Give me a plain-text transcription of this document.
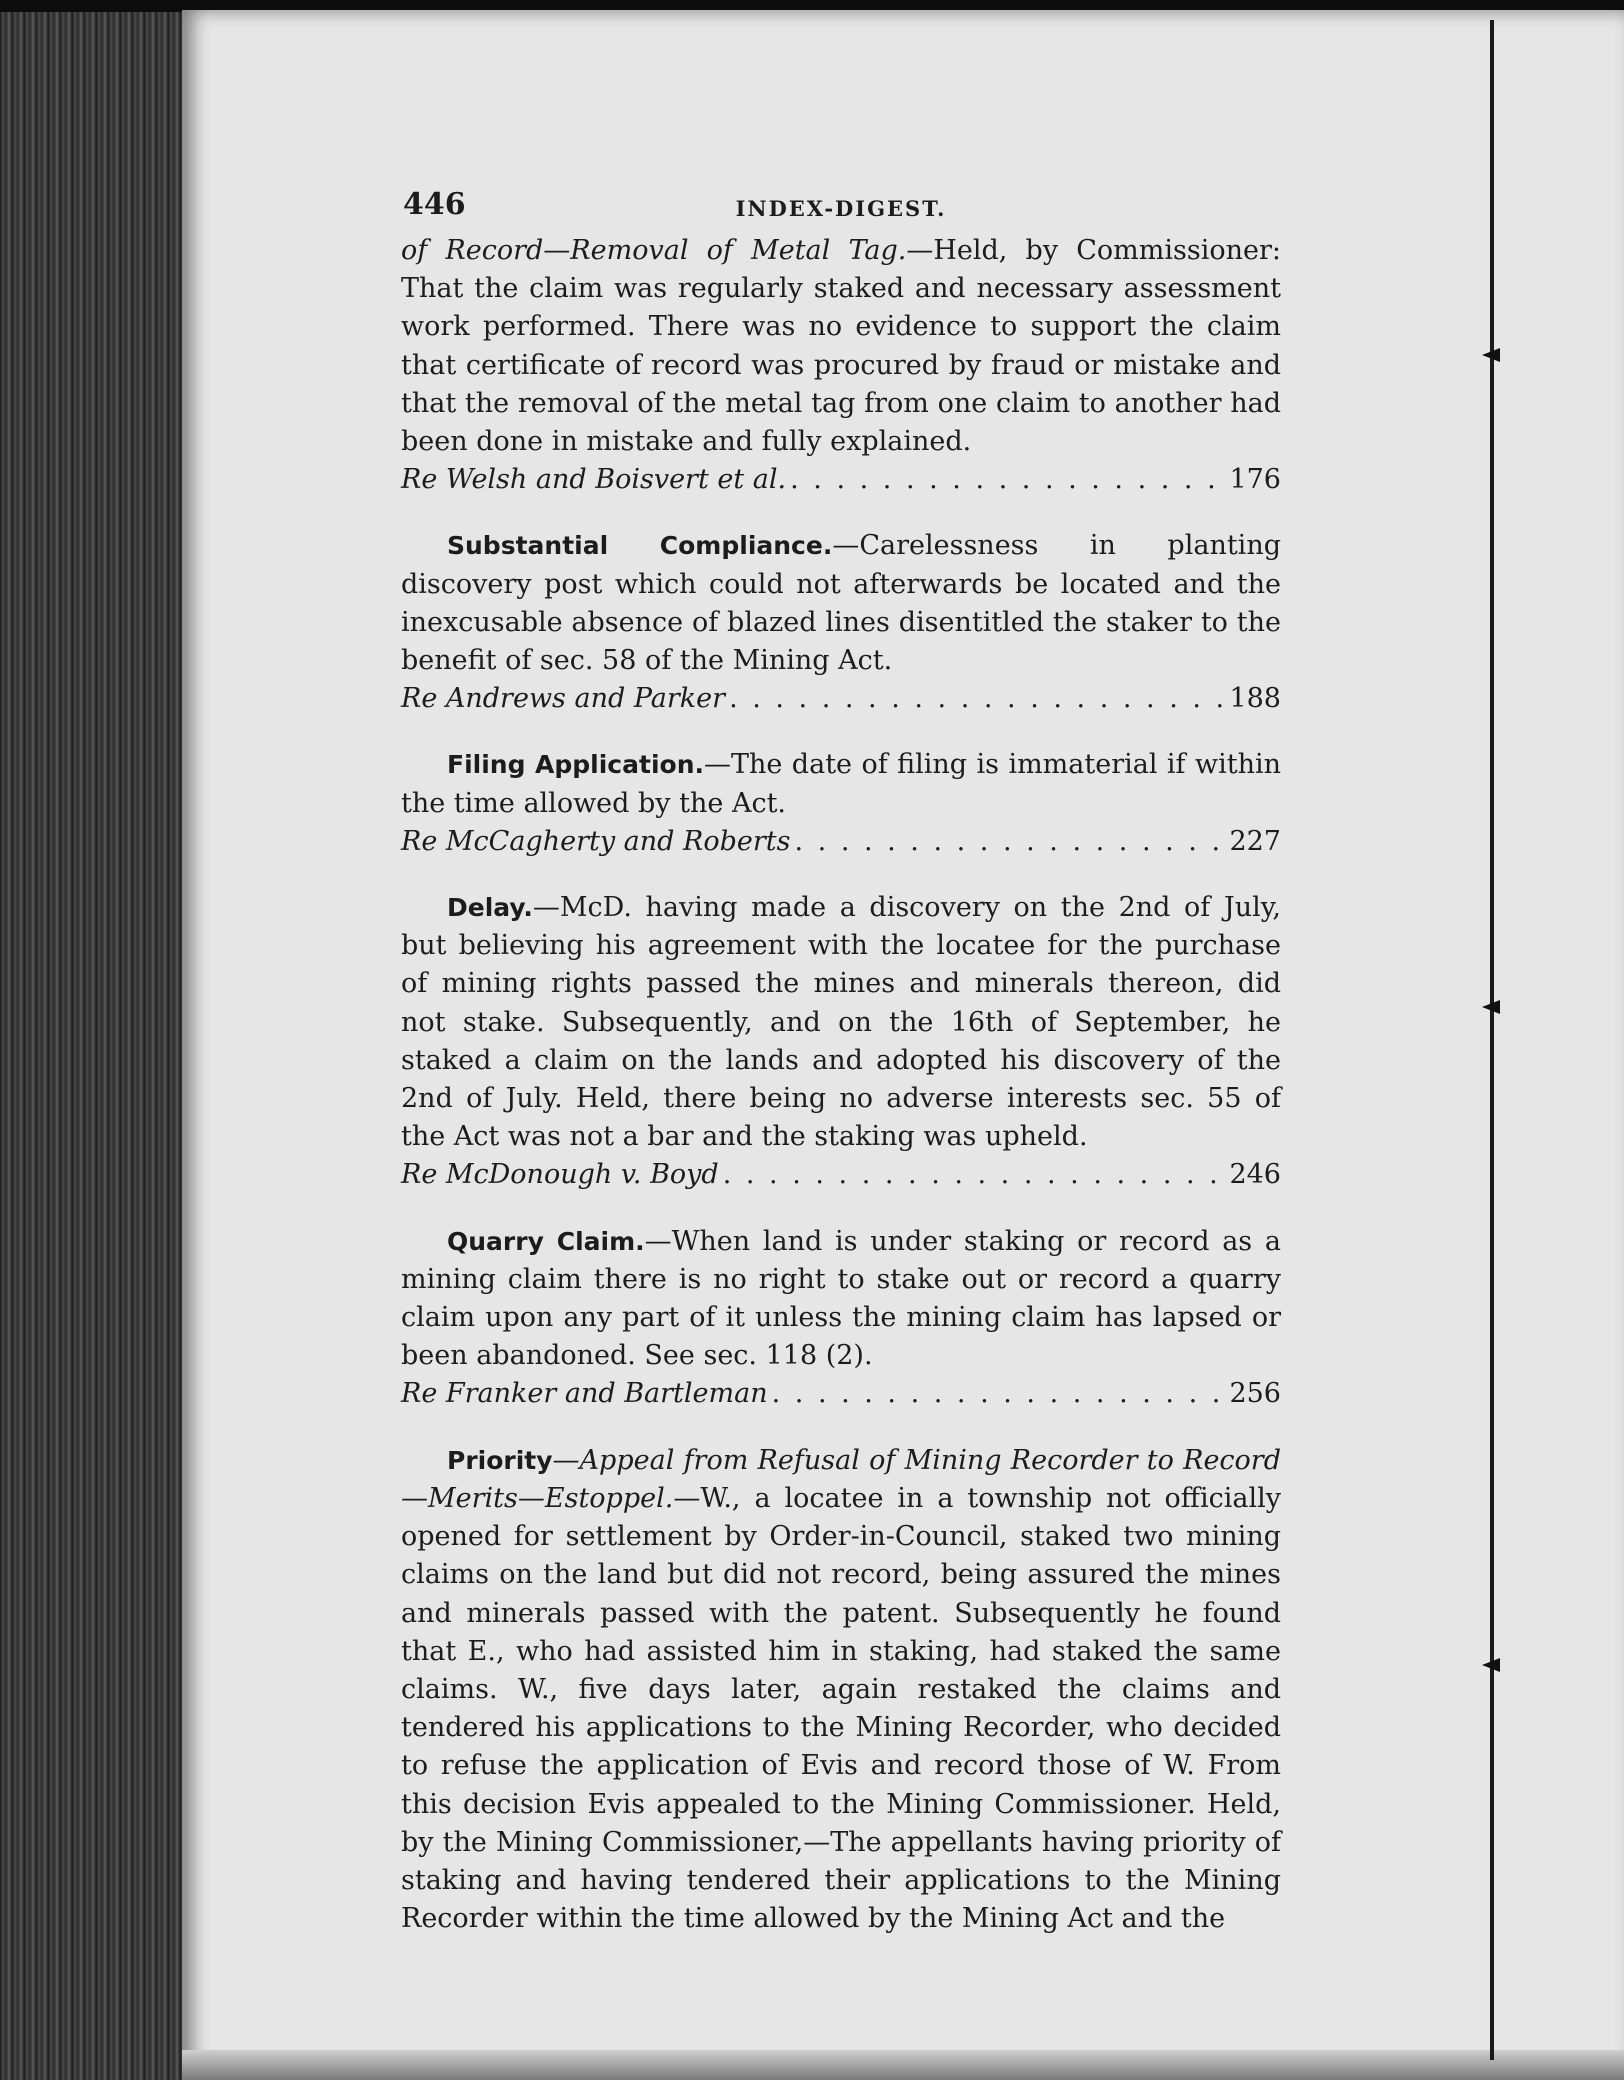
446	INDEX-DIGEST.

of Record—Removal of Metal Tag.—Held, by Commissioner: That the claim was regularly staked and necessary assessment work performed. There was no evidence to support the claim that certificate of record was procured by fraud or mistake and that the removal of the metal tag from one claim to another had been done in mistake and fully explained.

Re Welsh and Boisvert et al. . . .	176

Substantial Compliance.—Carelessness in planting discovery post which could not afterwards be located and the inexcusable absence of blazed lines disentitled the staker to the benefit of sec. 58 of the Mining Act.

Re Andrews and Parker . . .	188

Filing Application.—The date of filing is immaterial if within the time allowed by the Act.

Re McCagherty and Roberts . . .	227

Delay.—McD. having made a discovery on the 2nd of July, but believing his agreement with the locatee for the purchase of mining rights passed the mines and minerals thereon, did not stake. Subsequently, and on the 16th of September, he staked a claim on the lands and adopted his discovery of the 2nd of July. Held, there being no adverse interests sec. 55 of the Act was not a bar and the staking was upheld.

Re McDonough v. Boyd . . .	246

Quarry Claim.—When land is under staking or record as a mining claim there is no right to stake out or record a quarry claim upon any part of it unless the mining claim has lapsed or been abandoned. See sec. 118 (2).

Re Franker and Bartleman . . .	256

Priority—Appeal from Refusal of Mining Recorder to Record—Merits—Estoppel.—W., a locatee in a township not officially opened for settlement by Order-in-Council, staked two mining claims on the land but did not record, being assured the mines and minerals passed with the patent. Subsequently he found that E., who had assisted him in staking, had staked the same claims. W., five days later, again restaked the claims and tendered his applications to the Mining Recorder, who decided to refuse the application of Evis and record those of W. From this decision Evis appealed to the Mining Commissioner. Held, by the Mining Commissioner,—The appellants having priority of staking and having tendered their applications to the Mining Recorder within the time allowed by the Mining Act and the
